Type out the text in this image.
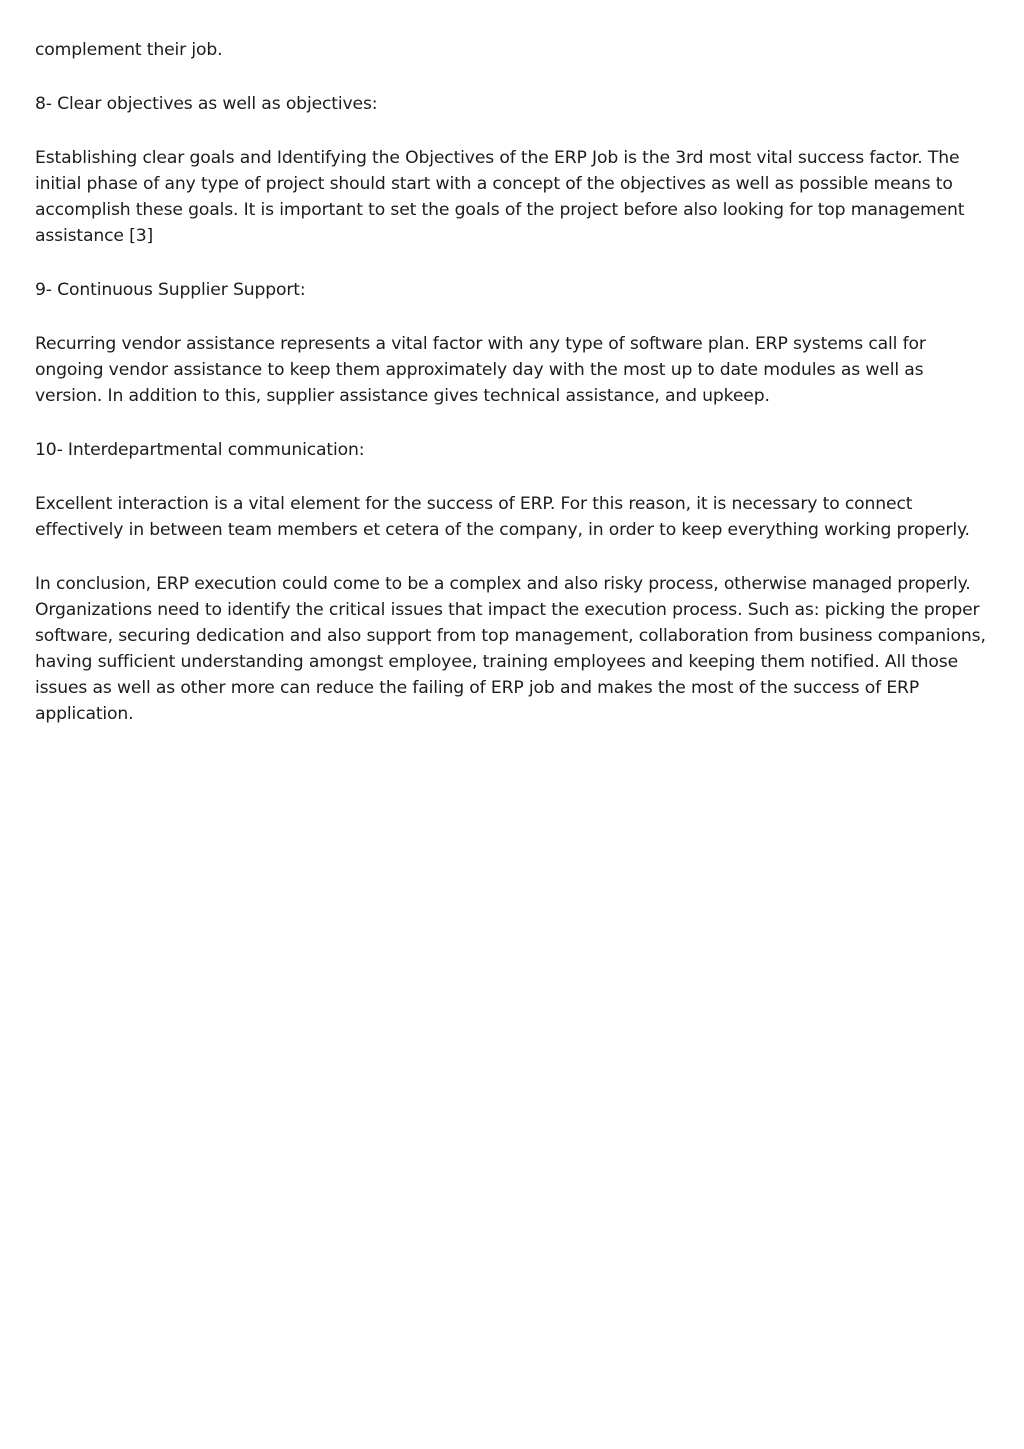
complement their job.

8- Clear objectives as well as objectives:

Establishing clear goals and Identifying the Objectives of the ERP Job is the 3rd most vital success factor. The initial phase of any type of project should start with a concept of the objectives as well as possible means to accomplish these goals. It is important to set the goals of the project before also looking for top management assistance [3]

9- Continuous Supplier Support:

Recurring vendor assistance represents a vital factor with any type of software plan. ERP systems call for ongoing vendor assistance to keep them approximately day with the most up to date modules as well as version. In addition to this, supplier assistance gives technical assistance, and upkeep.

10- Interdepartmental communication:

Excellent interaction is a vital element for the success of ERP. For this reason, it is necessary to connect effectively in between team members et cetera of the company, in order to keep everything working properly.

In conclusion, ERP execution could come to be a complex and also risky process, otherwise managed properly. Organizations need to identify the critical issues that impact the execution process. Such as: picking the proper software, securing dedication and also support from top management, collaboration from business companions, having sufficient understanding amongst employee, training employees and keeping them notified. All those issues as well as other more can reduce the failing of ERP job and makes the most of the success of ERP application.
